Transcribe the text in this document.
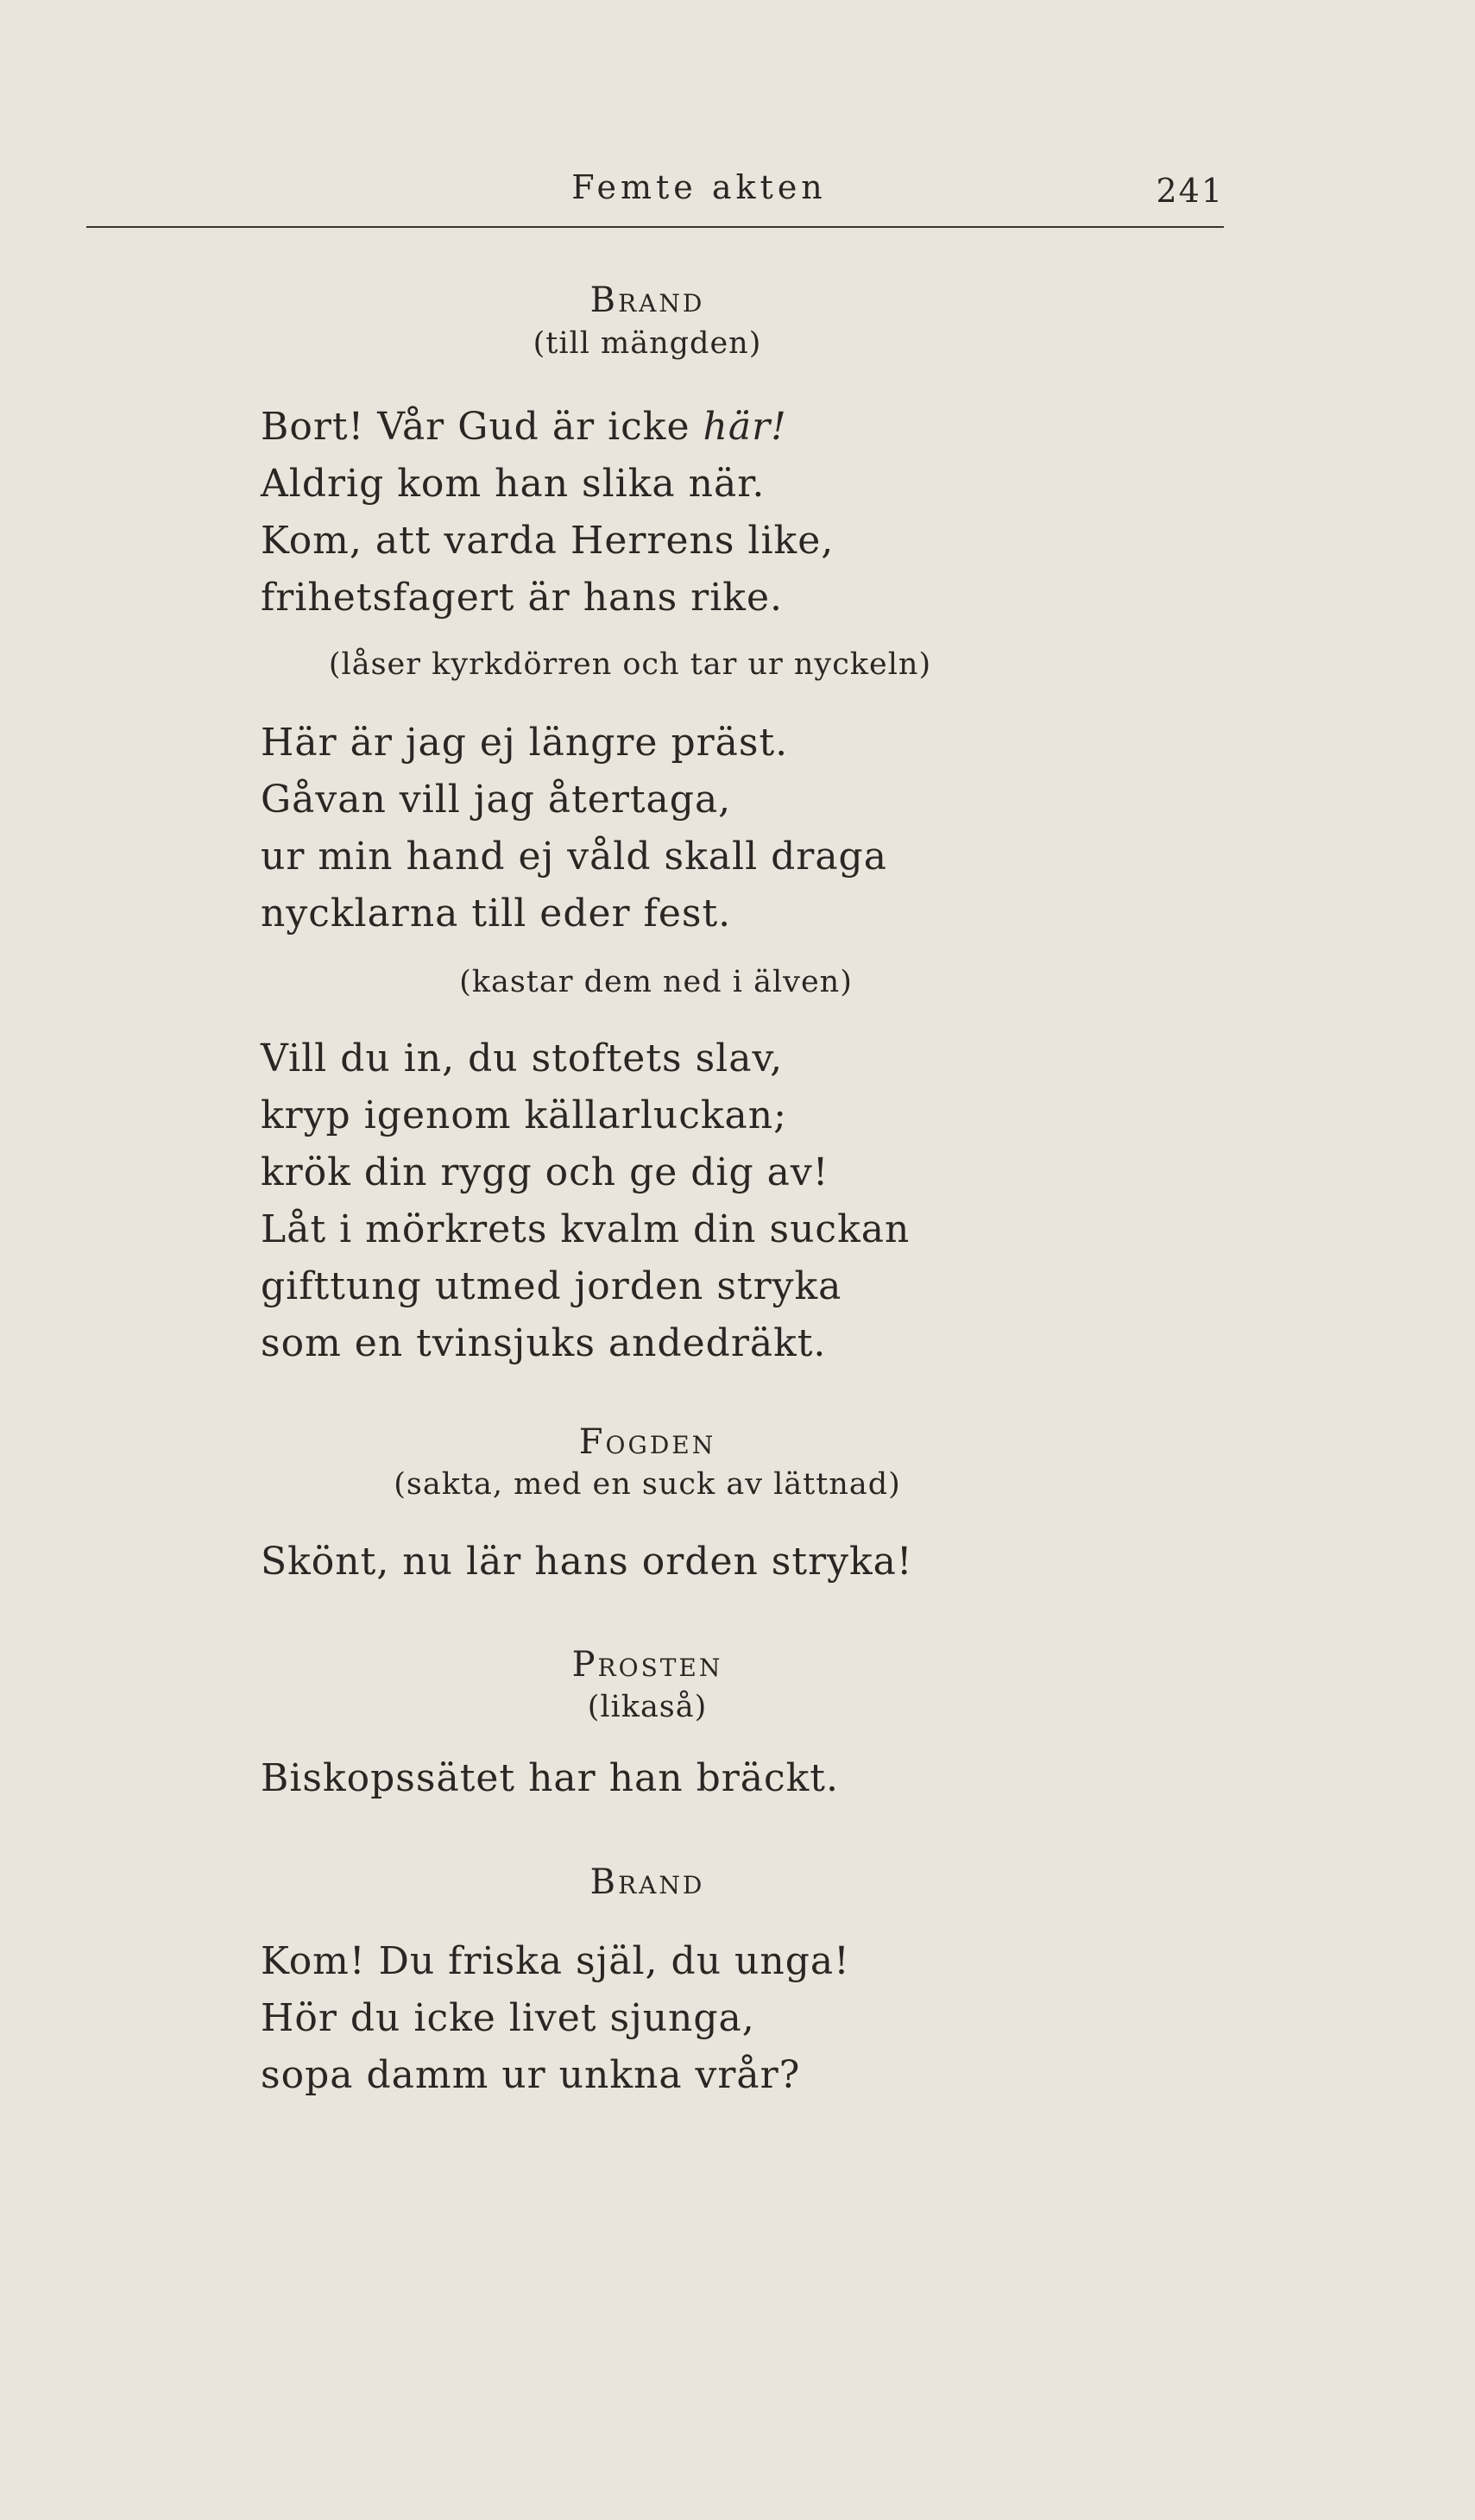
Femte akten	241
Brand
(till mängden)
Bort! Vår Gud är icke här!
Aldrig kom han slika när.
Kom, att varda Herrens like,
frihetsfagert är hans rike.
(låser kyrkdörren och tar ur nyckeln)
Här är jag ej längre präst.
Gåvan vill jag återtaga,
ur min hand ej våld skall draga
nycklarna till eder fest.
(kastar dem ned i älven)
Vill du in, du stoftets slav,
kryp igenom källarluckan;
krök din rygg och ge dig av!
Låt i mörkrets kvalm din suckan
gifttung utmed jorden stryka
som en tvinsjuks andedräkt.
Fogden
(sakta, med en suck av lättnad)
Skönt, nu lär hans orden stryka!
Prosten
(likaså)
Biskopssätet har han bräckt.
Brand
Kom! Du friska själ, du unga!
Hör du icke livet sjunga,
sopa damm ur unkna vrår?
